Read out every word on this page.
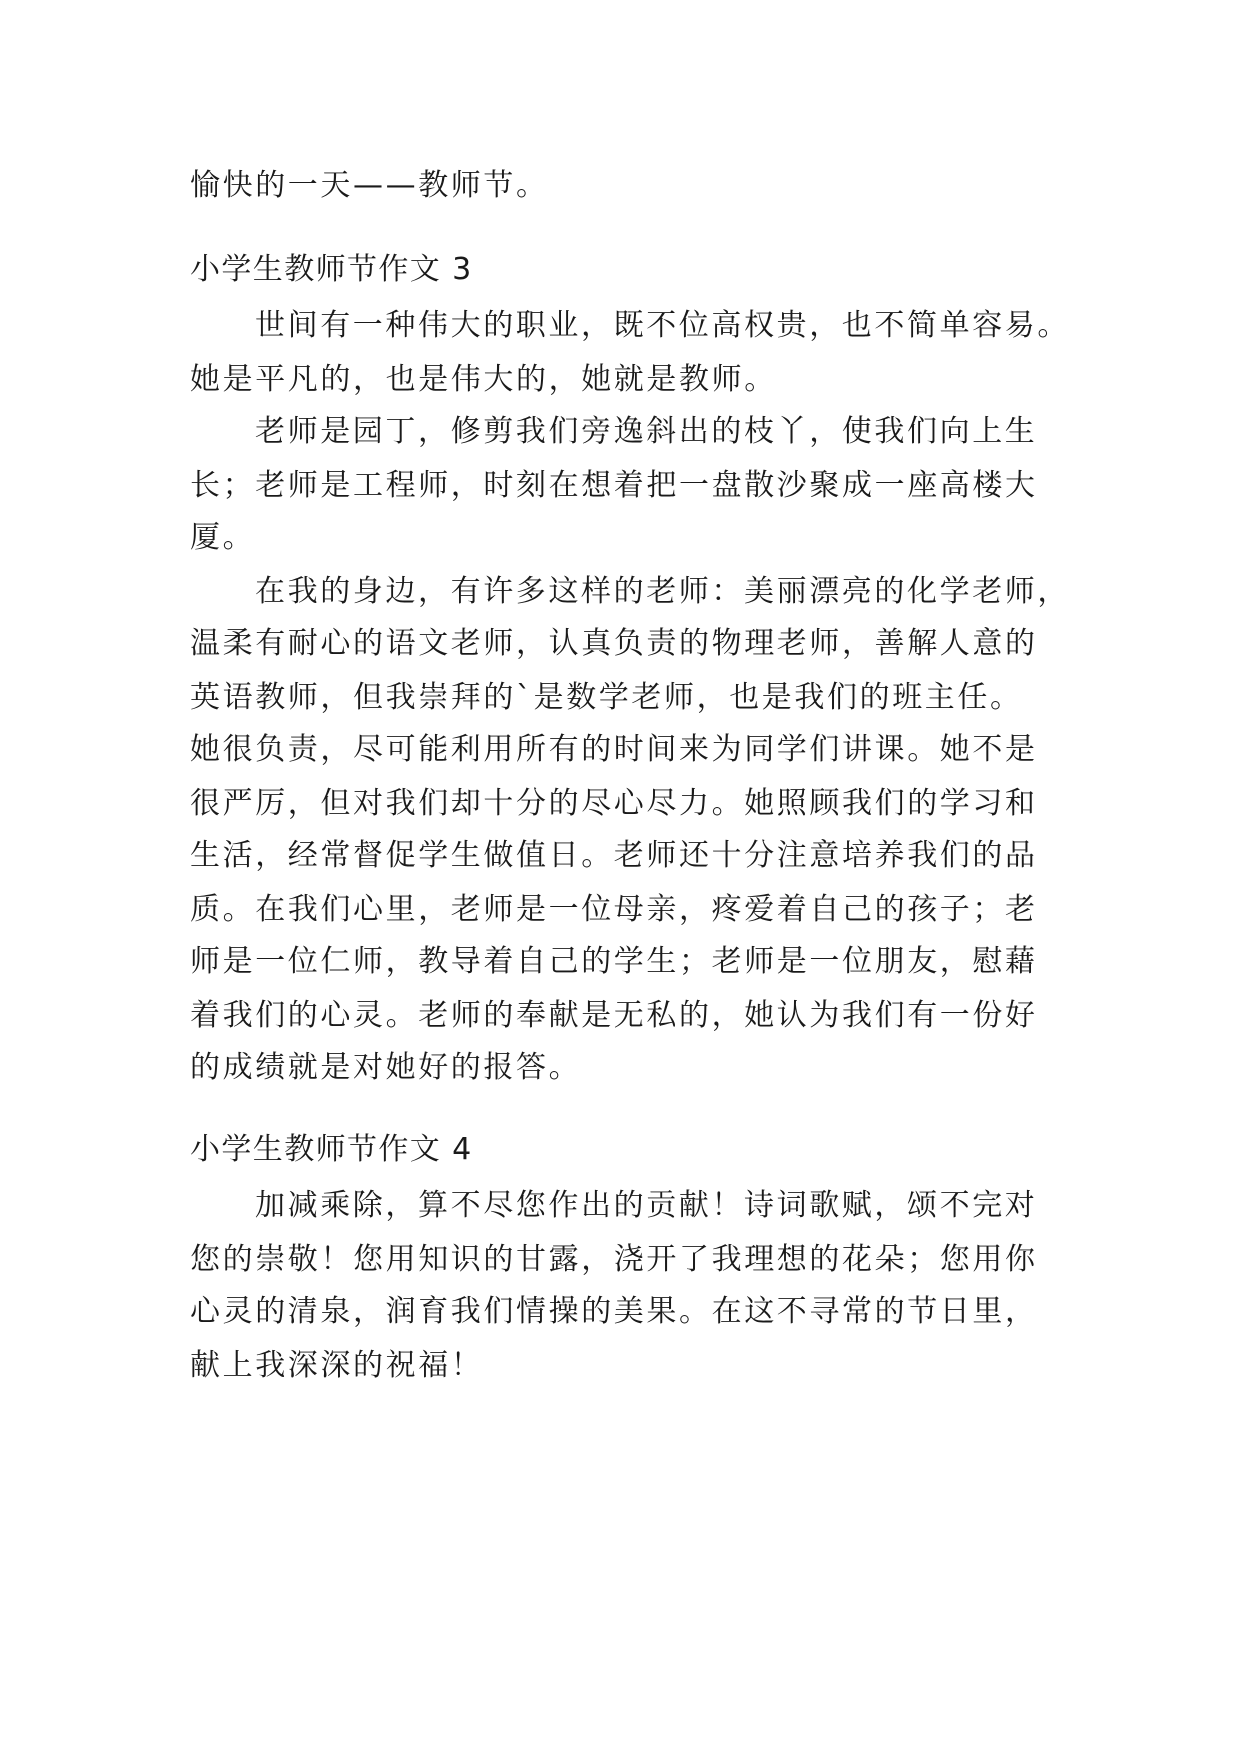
愉快的一天——教师节。
小学生教师节作文 3
世间有一种伟大的职业，既不位高权贵，也不简单容易。
她是平凡的，也是伟大的，她就是教师。
老师是园丁，修剪我们旁逸斜出的枝丫，使我们向上生
长；老师是工程师，时刻在想着把一盘散沙聚成一座高楼大
厦。
在我的身边，有许多这样的老师：美丽漂亮的化学老师，
温柔有耐心的语文老师，认真负责的物理老师，善解人意的
英语教师，但我崇拜的`是数学老师，也是我们的班主任。
她很负责，尽可能利用所有的时间来为同学们讲课。她不是
很严厉，但对我们却十分的尽心尽力。她照顾我们的学习和
生活，经常督促学生做值日。老师还十分注意培养我们的品
质。在我们心里，老师是一位母亲，疼爱着自己的孩子；老
师是一位仁师，教导着自己的学生；老师是一位朋友，慰藉
着我们的心灵。老师的奉献是无私的，她认为我们有一份好
的成绩就是对她好的报答。
小学生教师节作文 4
加减乘除，算不尽您作出的贡献！诗词歌赋，颂不完对
您的崇敬！您用知识的甘露，浇开了我理想的花朵；您用你
心灵的清泉，润育我们情操的美果。在这不寻常的节日里，
献上我深深的祝福！
